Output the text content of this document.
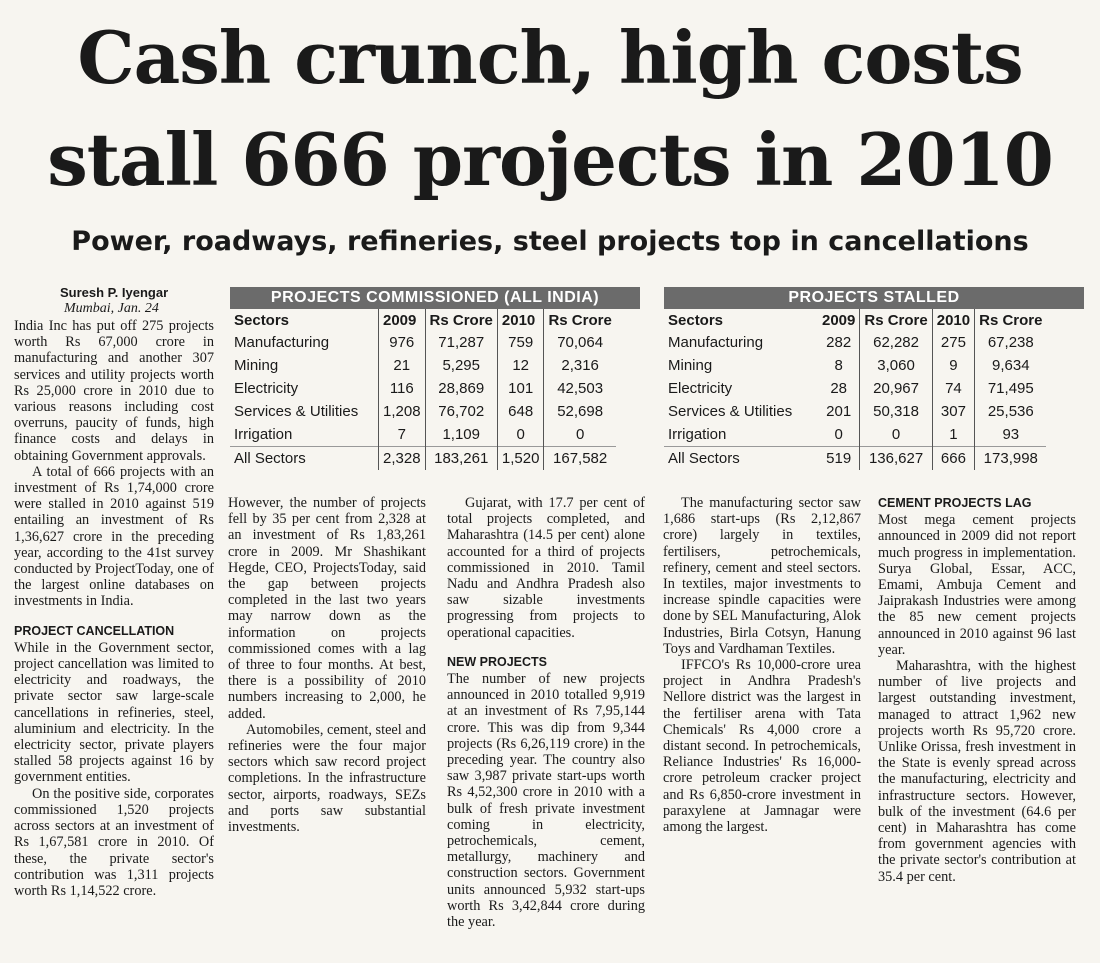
Cash crunch, high costs
stall 666 projects in 2010
Power, roadways, refineries, steel projects top in cancellations
Suresh P. Iyengar
Mumbai, Jan. 24

India Inc has put off 275 projects worth Rs 67,000 crore in manufacturing and another 307 services and utility projects worth Rs 25,000 crore in 2010 due to various reasons including cost overruns, paucity of funds, high finance costs and delays in obtaining Government approvals.

A total of 666 projects with an investment of Rs 1,74,000 crore were stalled in 2010 against 519 entailing an investment of Rs 1,36,627 crore in the preceding year, according to the 41st survey conducted by ProjectToday, one of the largest online databases on investments in India.

PROJECT CANCELLATION

While in the Government sector, project cancellation was limited to electricity and roadways, the private sector saw large-scale cancellations in refineries, steel, aluminium and electricity. In the electricity sector, private players stalled 58 projects against 16 by government entities.

On the positive side, corporates commissioned 1,520 projects across sectors at an investment of Rs 1,67,581 crore in 2010. Of these, the private sector's contribution was 1,311 projects worth Rs 1,14,522 crore.

PROJECTS COMMISSIONED (ALL INDIA)
Sectors	2009	Rs Crore	2010	Rs Crore
Manufacturing	976	71,287	759	70,064
Mining	21	5,295	12	2,316
Electricity	116	28,869	101	42,503
Services & Utilities	1,208	76,702	648	52,698
Irrigation	7	1,109	0	0
All Sectors	2,328	183,261	1,520	167,582
PROJECTS STALLED
Sectors	2009	Rs Crore	2010	Rs Crore
Manufacturing	282	62,282	275	67,238
Mining	8	3,060	9	9,634
Electricity	28	20,967	74	71,495
Services & Utilities	201	50,318	307	25,536
Irrigation	0	0	1	93
All Sectors	519	136,627	666	173,998

However, the number of projects fell by 35 per cent from 2,328 at an investment of Rs 1,83,261 crore in 2009. Mr Shashikant Hegde, CEO, ProjectsToday, said the gap between projects completed in the last two years may narrow down as the information on projects commissioned comes with a lag of three to four months. At best, there is a possibility of 2010 numbers increasing to 2,000, he added.

Automobiles, cement, steel and refineries were the four major sectors which saw record project completions. In the infrastructure sector, airports, roadways, SEZs and ports saw substantial investments.

Gujarat, with 17.7 per cent of total projects completed, and Maharashtra (14.5 per cent) alone accounted for a third of projects commissioned in 2010. Tamil Nadu and Andhra Pradesh also saw sizable investments progressing from projects to operational capacities.

NEW PROJECTS

The number of new projects announced in 2010 totalled 9,919 at an investment of Rs 7,95,144 crore. This was dip from 9,344 projects (Rs 6,26,119 crore) in the preceding year. The country also saw 3,987 private start-ups worth Rs 4,52,300 crore in 2010 with a bulk of fresh private investment coming in electricity, petrochemicals, cement, metallurgy, machinery and construction sectors. Government units announced 5,932 start-ups worth Rs 3,42,844 crore during the year.

The manufacturing sector saw 1,686 start-ups (Rs 2,12,867 crore) largely in textiles, fertilisers, petrochemicals, refinery, cement and steel sectors. In textiles, major investments to increase spindle capacities were done by SEL Manufacturing, Alok Industries, Birla Cotsyn, Hanung Toys and Vardhaman Textiles.

IFFCO's Rs 10,000-crore urea project in Andhra Pradesh's Nellore district was the largest in the fertiliser arena with Tata Chemicals' Rs 4,000 crore a distant second. In petrochemicals, Reliance Industries' Rs 16,000-crore petroleum cracker project and Rs 6,850-crore investment in paraxylene at Jamnagar were among the largest.

CEMENT PROJECTS LAG

Most mega cement projects announced in 2009 did not report much progress in implementation. Surya Global, Essar, ACC, Emami, Ambuja Cement and Jaiprakash Industries were among the 85 new cement projects announced in 2010 against 96 last year.

Maharashtra, with the highest number of live projects and largest outstanding investment, managed to attract 1,962 new projects worth Rs 95,720 crore. Unlike Orissa, fresh investment in the State is evenly spread across the manufacturing, electricity and infrastructure sectors. However, bulk of the investment (64.6 per cent) in Maharashtra has come from government agencies with the private sector's contribution at 35.4 per cent.
